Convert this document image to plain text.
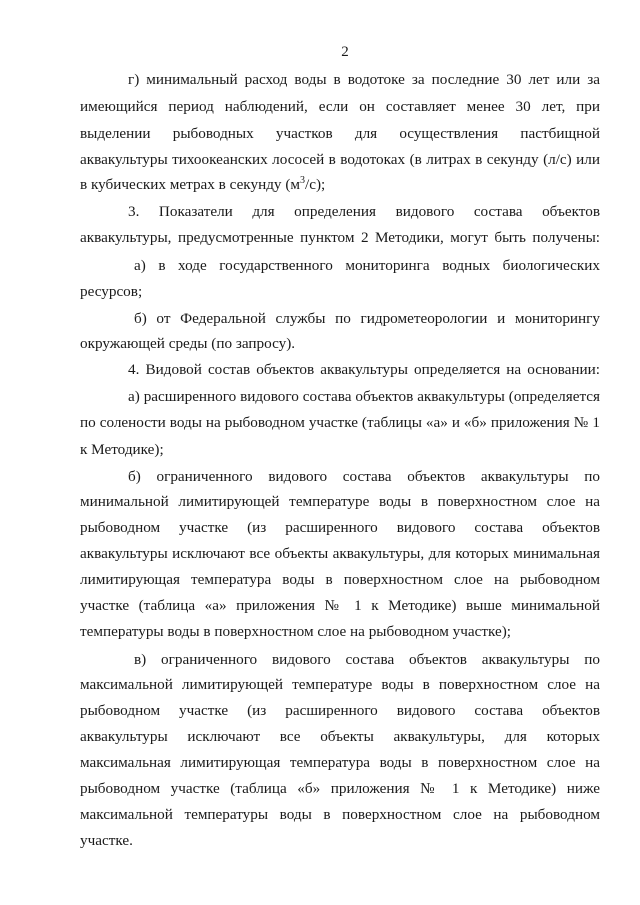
2
г) минимальный расход воды в водотоке за последние 30 лет или за
имеющийся период наблюдений, если он составляет менее 30 лет, при
выделении рыбоводных участков для осуществления пастбищной
аквакультуры тихоокеанских лососей в водотоках (в литрах в секунду (л/с) или
в кубических метрах в секунду $(м^3/с)$;
3. Показатели для определения видового состава объектов
аквакультуры, предусмотренные пунктом 2 Методики, могут быть получены:
а) в ходе государственного мониторинга водных биологических
ресурсов;
б) от Федеральной службы по гидрометеорологии и мониторингу
окружающей среды (по запросу).
4. Видовой состав объектов аквакультуры определяется на основании:
а) расширенного видового состава объектов аквакультуры (определяется
по солености воды на рыбоводном участке (таблицы «а» и «б» приложения № 1
к Методике);
б) ограниченного видового состава объектов аквакультуры по
минимальной лимитирующей температуре воды в поверхностном слое на
рыбоводном участке (из расширенного видового состава объектов
аквакультуры исключают все объекты аквакультуры, для которых минимальная
лимитирующая температура воды в поверхностном слое на рыбоводном
участке (таблица «а» приложения № 1 к Методике) выше минимальной
температуры воды в поверхностном слое на рыбоводном участке);
в) ограниченного видового состава объектов аквакультуры по
максимальной лимитирующей температуре воды в поверхностном слое на
рыбоводном участке (из расширенного видового состава объектов
аквакультуры исключают все объекты аквакультуры, для которых
максимальная лимитирующая температура воды в поверхностном слое на
рыбоводном участке (таблица «б» приложения № 1 к Методике) ниже
максимальной температуры воды в поверхностном слое на рыбоводном
участке.
